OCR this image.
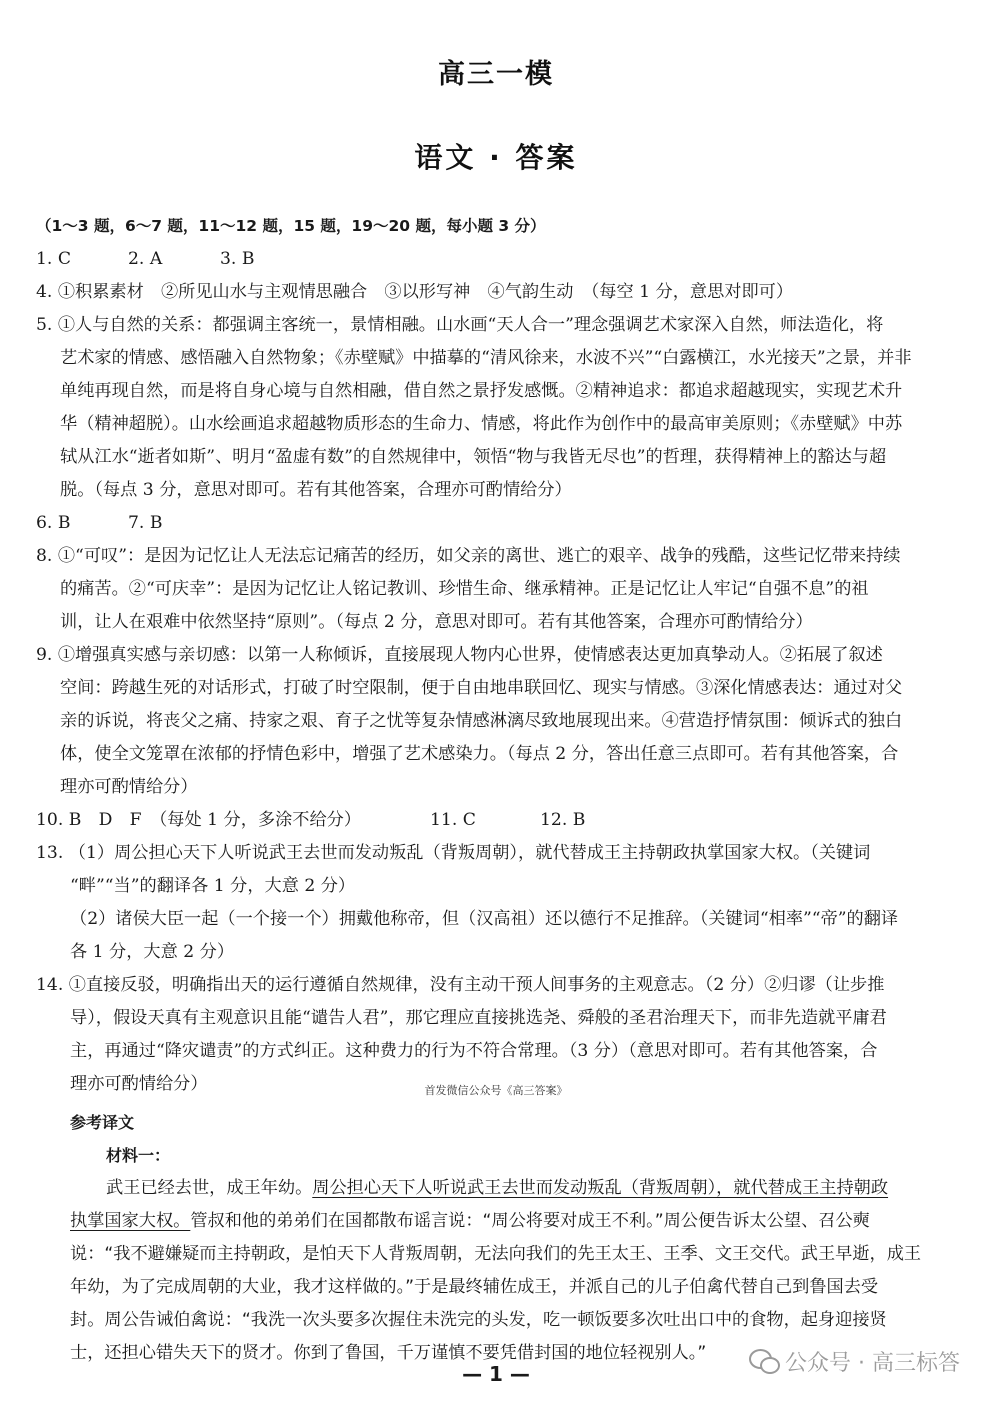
高三一模
语文 · 答案
（1～3 题，6～7 题，11～12 题，15 题，19～20 题，每小题 3 分）
1. C	2. A	3. B
4. ①积累素材　②所见山水与主观情思融合　③以形写神　④气韵生动　（每空 1 分，意思对即可）
5. ①人与自然的关系：都强调主客统一，景情相融。山水画“天人合一”理念强调艺术家深入自然，师法造化，将
艺术家的情感、感悟融入自然物象；《赤壁赋》中描摹的“清风徐来，水波不兴”“白露横江，水光接天”之景，并非
单纯再现自然，而是将自身心境与自然相融，借自然之景抒发感慨。②精神追求：都追求超越现实，实现艺术升
华（精神超脱）。山水绘画追求超越物质形态的生命力、情感，将此作为创作中的最高审美原则；《赤壁赋》中苏
轼从江水“逝者如斯”、明月“盈虚有数”的自然规律中，领悟“物与我皆无尽也”的哲理，获得精神上的豁达与超
脱。（每点 3 分，意思对即可。若有其他答案，合理亦可酌情给分）
6. B	7. B
8. ①“可叹”：是因为记忆让人无法忘记痛苦的经历，如父亲的离世、逃亡的艰辛、战争的残酷，这些记忆带来持续
的痛苦。②“可庆幸”：是因为记忆让人铭记教训、珍惜生命、继承精神。正是记忆让人牢记“自强不息”的祖
训，让人在艰难中依然坚持“原则”。（每点 2 分，意思对即可。若有其他答案，合理亦可酌情给分）
9. ①增强真实感与亲切感：以第一人称倾诉，直接展现人物内心世界，使情感表达更加真挚动人。②拓展了叙述
空间：跨越生死的对话形式，打破了时空限制，便于自由地串联回忆、现实与情感。③深化情感表达：通过对父
亲的诉说，将丧父之痛、持家之艰、育子之忧等复杂情感淋漓尽致地展现出来。④营造抒情氛围：倾诉式的独白
体，使全文笼罩在浓郁的抒情色彩中，增强了艺术感染力。（每点 2 分，答出任意三点即可。若有其他答案，合
理亦可酌情给分）
10. B　D　F　（每处 1 分，多涂不给分）	11. C	12. B
13. （1）周公担心天下人听说武王去世而发动叛乱（背叛周朝），就代替成王主持朝政执掌国家大权。（关键词
“畔”“当”的翻译各 1 分，大意 2 分）
（2）诸侯大臣一起（一个接一个）拥戴他称帝，但（汉高祖）还以德行不足推辞。（关键词“相率”“帝”的翻译
各 1 分，大意 2 分）
14. ①直接反驳，明确指出天的运行遵循自然规律，没有主动干预人间事务的主观意志。（2 分）②归谬（让步推
导），假设天真有主观意识且能“谴告人君”，那它理应直接挑选尧、舜般的圣君治理天下，而非先造就平庸君
主，再通过“降灾谴责”的方式纠正。这种费力的行为不符合常理。（3 分）（意思对即可。若有其他答案，合
理亦可酌情给分）
参考译文
材料一：
武王已经去世，成王年幼。周公担心天下人听说武王去世而发动叛乱（背叛周朝），就代替成王主持朝政
执掌国家大权。管叔和他的弟弟们在国都散布谣言说：“周公将要对成王不利。”周公便告诉太公望、召公奭
说：“我不避嫌疑而主持朝政，是怕天下人背叛周朝，无法向我们的先王太王、王季、文王交代。武王早逝，成王
年幼，为了完成周朝的大业，我才这样做的。”于是最终辅佐成王，并派自己的儿子伯禽代替自己到鲁国去受
封。周公告诫伯禽说：“我洗一次头要多次握住未洗完的头发，吃一顿饭要多次吐出口中的食物，起身迎接贤
士，还担心错失天下的贤才。你到了鲁国，千万谨慎不要凭借封国的地位轻视别人。”
首发微信公众号《高三答案》
— 1 —	公众号 · 高三标答
